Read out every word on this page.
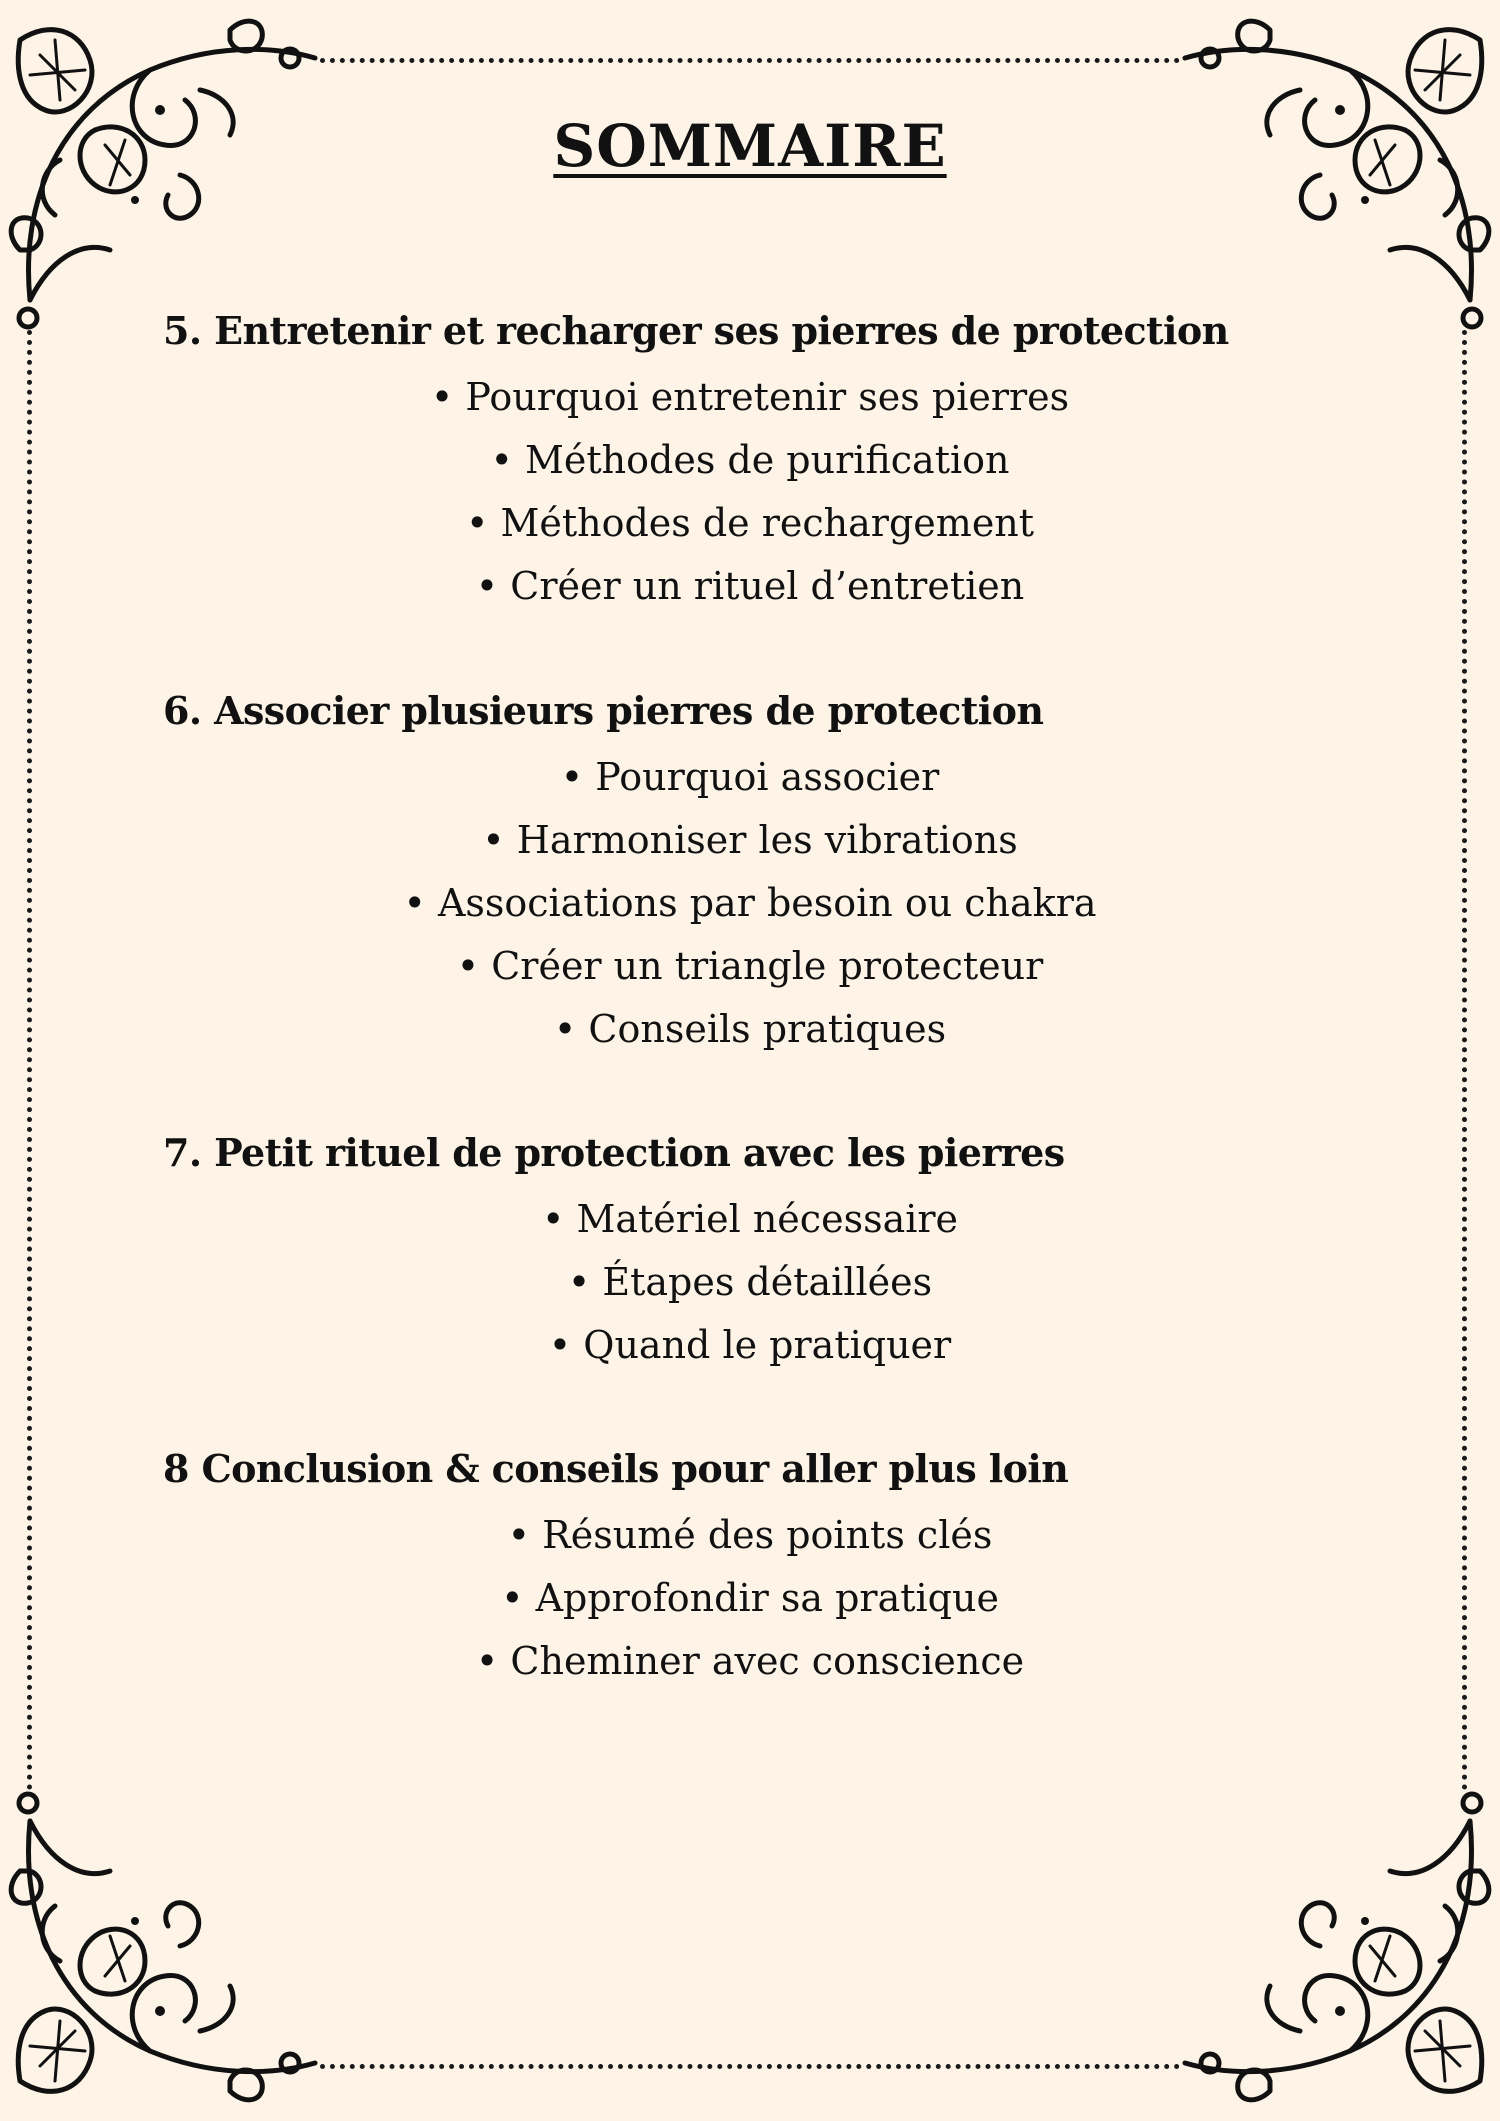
SOMMAIRE
5. Entretenir et recharger ses pierres de protection
• Pourquoi entretenir ses pierres
• Méthodes de purification
• Méthodes de rechargement
• Créer un rituel d’entretien
6. Associer plusieurs pierres de protection
• Pourquoi associer
• Harmoniser les vibrations
• Associations par besoin ou chakra
• Créer un triangle protecteur
• Conseils pratiques
7. Petit rituel de protection avec les pierres
• Matériel nécessaire
• Étapes détaillées
• Quand le pratiquer
8 Conclusion & conseils pour aller plus loin
• Résumé des points clés
• Approfondir sa pratique
• Cheminer avec conscience
